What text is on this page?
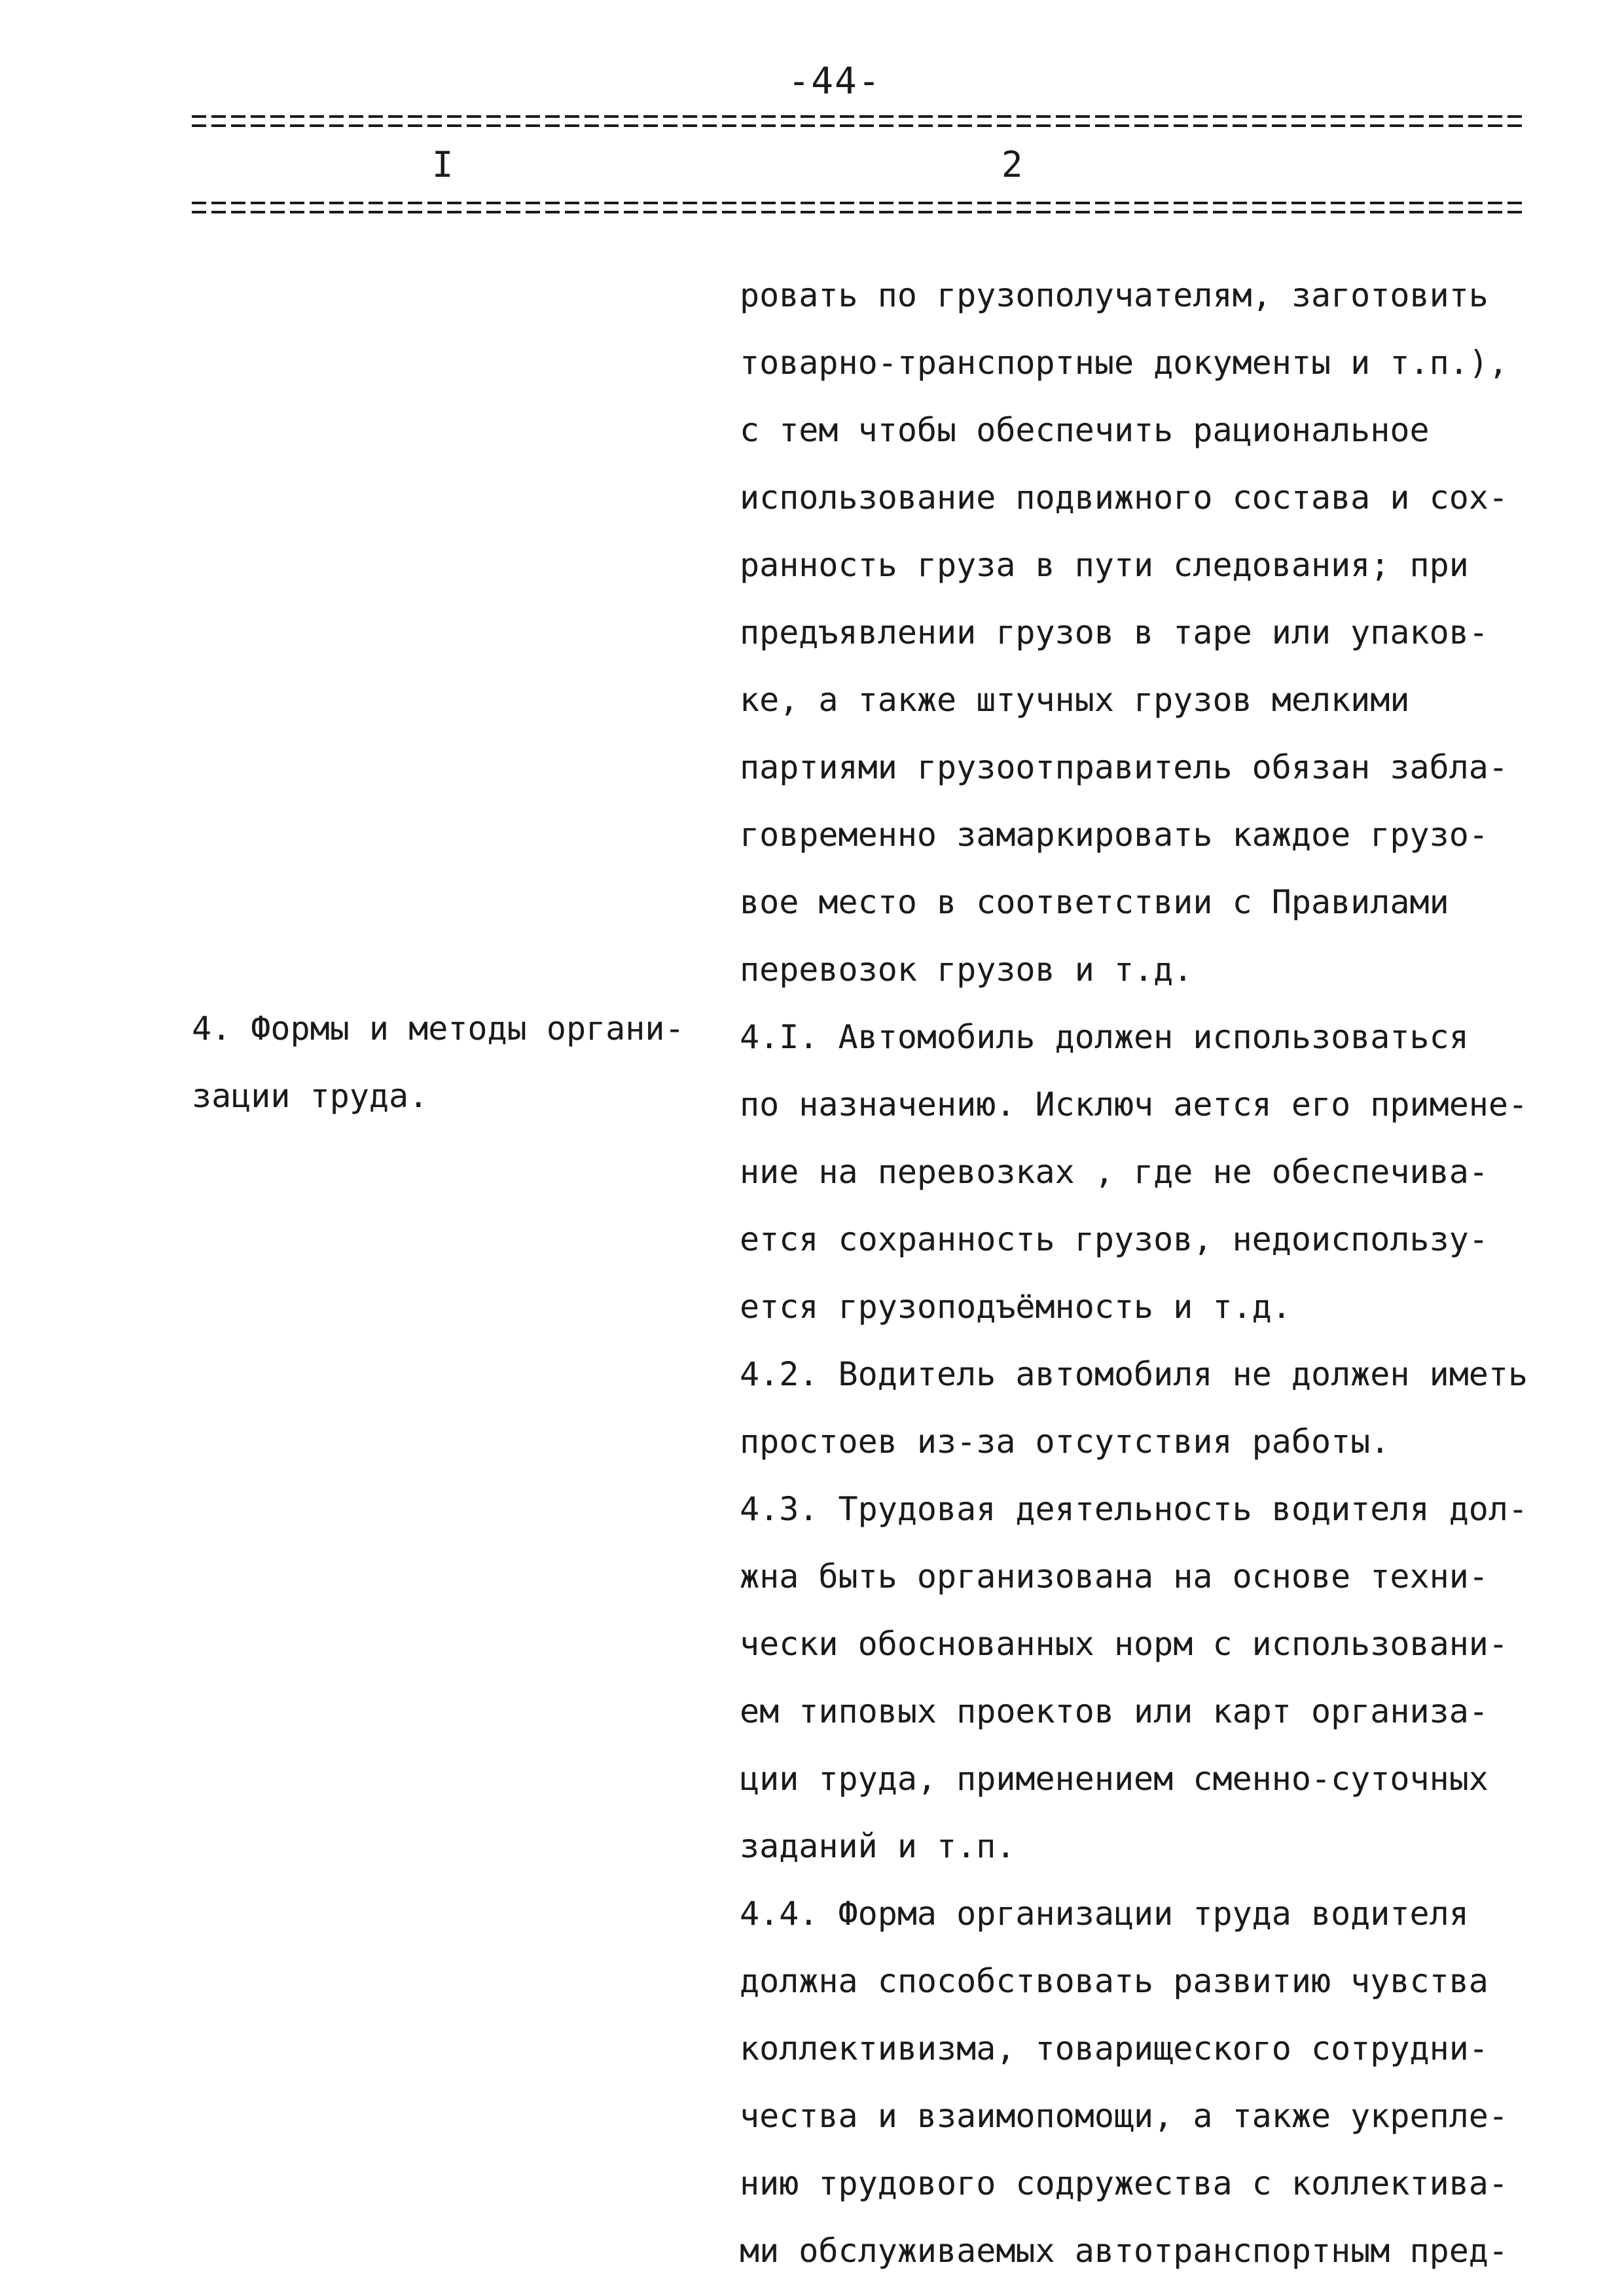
-44-
I	2
4. Формы и методы органи-
зации труда.
ровать по грузополучателям, заготовить
товарно-транспортные документы и т.п.),
с тем чтобы обеспечить рациональное
использование подвижного состава и сох-
ранность груза в пути следования; при
предъявлении грузов в таре или упаков-
ке, а также штучных грузов мелкими
партиями грузоотправитель обязан забла-
говременно замаркировать каждое грузо-
вое место в соответствии с Правилами
перевозок грузов и т.д.
4.I. Автомобиль должен использоваться
по назначению. Исключ ается его примене-
ние на перевозках , где не обеспечива-
ется сохранность грузов, недоиспользу-
ется грузоподъёмность и т.д.
4.2. Водитель автомобиля не должен иметь
простоев из-за отсутствия работы.
4.3. Трудовая деятельность водителя дол-
жна быть организована на основе техни-
чески обоснованных норм с использовани-
ем типовых проектов или карт организа-
ции труда, применением сменно-суточных
заданий и т.п.
4.4. Форма организации труда водителя
должна способствовать развитию чувства
коллективизма, товарищеского сотрудни-
чества и взаимопомощи, а также укрепле-
нию трудового содружества с коллектива-
ми обслуживаемых автотранспортным пред-
